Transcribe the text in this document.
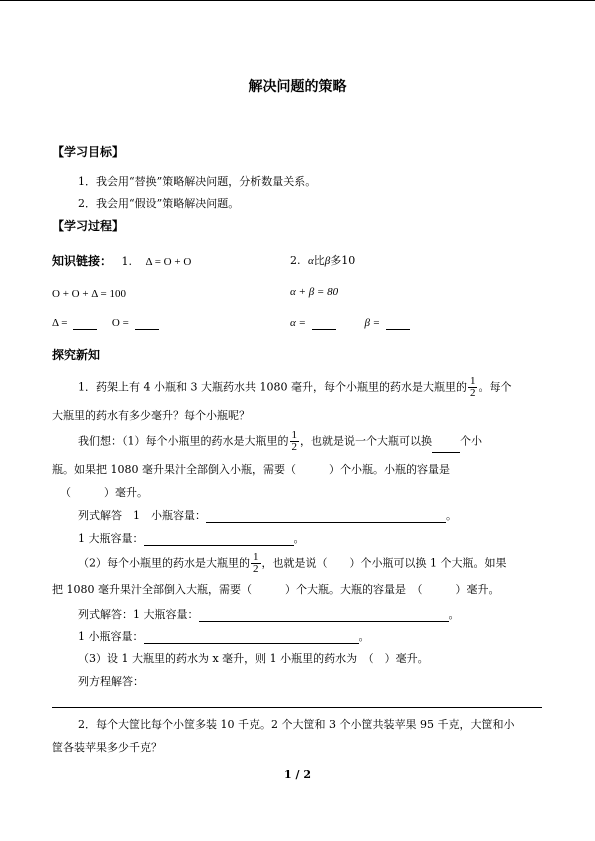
解决问题的策略
【学习目标】
1．我会用“替换”策略解决问题，分析数量关系。
2．我会用“假设”策略解决问题。
【学习过程】
知识链接： 1. Δ = O + O	2. α比β多10
O + O + Δ = 100	α + β = 80
Δ =	O =	α =	β =
探究新知
1．药架上有 4 小瓶和 3 大瓶药水共 1080 毫升，每个小瓶里的药水是大瓶里的 $\frac{1}{2}$ 。每个
大瓶里的药水有多少毫升？每个小瓶呢？
我们想：（1）每个小瓶里的药水是大瓶里的 $\frac{1}{2}$ ，也就是说一个大瓶可以换	个小
瓶。如果把 1080 毫升果汁全部倒入小瓶，需要（　　　）个小瓶。小瓶的容量是
（　　　）毫升。
列式解答　1　小瓶容量：	。
1 大瓶容量：	。
（2）每个小瓶里的药水是大瓶里的 $\frac{1}{2}$ ，也就是说（　　）个小瓶可以换 1 个大瓶。如果
把 1080 毫升果汁全部倒入大瓶，需要（　　　）个大瓶。大瓶的容量是　（　　　）毫升。
列式解答：1 大瓶容量：	。
1 小瓶容量：	。
（3）设 1 大瓶里的药水为 x 毫升，则 1 小瓶里的药水为　（　）毫升。
列方程解答：
2．每个大筐比每个小筐多装 10 千克。2 个大筐和 3 个小筐共装苹果 95 千克，大筐和小
筐各装苹果多少千克？
1 / 2
